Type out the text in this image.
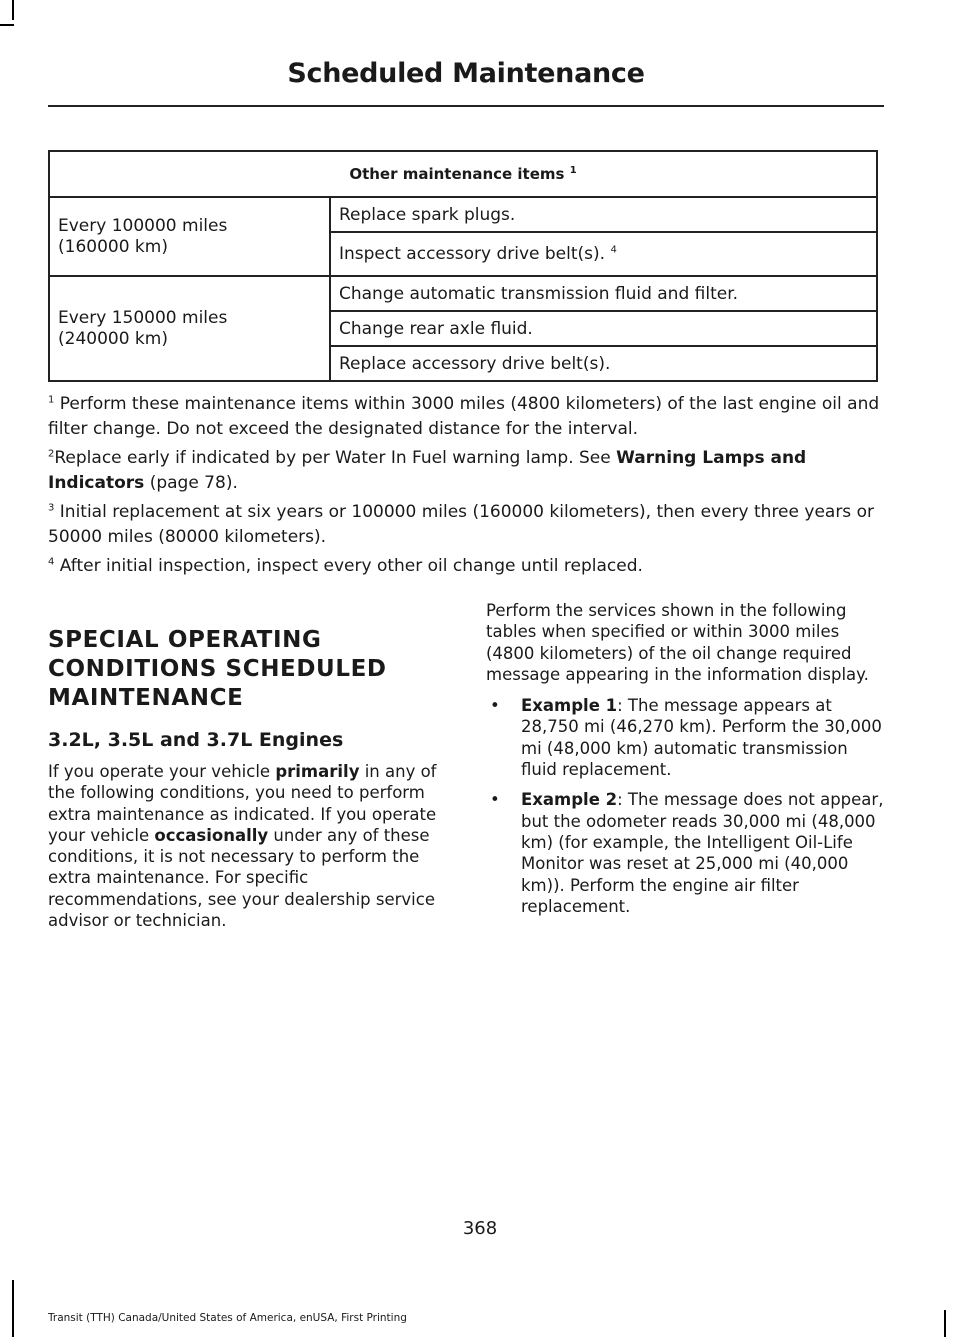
Scheduled Maintenance
Other maintenance items $^1$
Every 100000 miles
(160000 km)	Replace spark plugs.
	Inspect accessory drive belt(s). $^4$
Every 150000 miles
(240000 km)	Change automatic transmission fluid and filter.
	Change rear axle fluid.
	Replace accessory drive belt(s).

$^1$ Perform these maintenance items within 3000 miles (4800 kilometers) of the last engine oil and filter change. Do not exceed the designated distance for the interval.

$^2$Replace early if indicated by per Water In Fuel warning lamp. See Warning Lamps and Indicators (page 78).

$^3$ Initial replacement at six years or 100000 miles (160000 kilometers), then every three years or 50000 miles (80000 kilometers).

$^4$ After initial inspection, inspect every other oil change until replaced.

SPECIAL OPERATING
CONDITIONS SCHEDULED
MAINTENANCE
3.2L, 3.5L and 3.7L Engines

If you operate your vehicle primarily in any of the following conditions, you need to perform extra maintenance as indicated. If you operate your vehicle occasionally under any of these conditions, it is not necessary to perform the extra maintenance. For specific recommendations, see your dealership service advisor or technician.

Perform the services shown in the following tables when specified or within 3000 miles (4800 kilometers) of the oil change required message appearing in the information display.

• Example 1: The message appears at 28,750 mi (46,270 km). Perform the 30,000 mi (48,000 km) automatic transmission fluid replacement.
• Example 2: The message does not appear, but the odometer reads 30,000 mi (48,000 km) (for example, the Intelligent Oil-Life Monitor was reset at 25,000 mi (40,000 km)). Perform the engine air filter replacement.
368
Transit (TTH) Canada/United States of America, enUSA, First Printing
